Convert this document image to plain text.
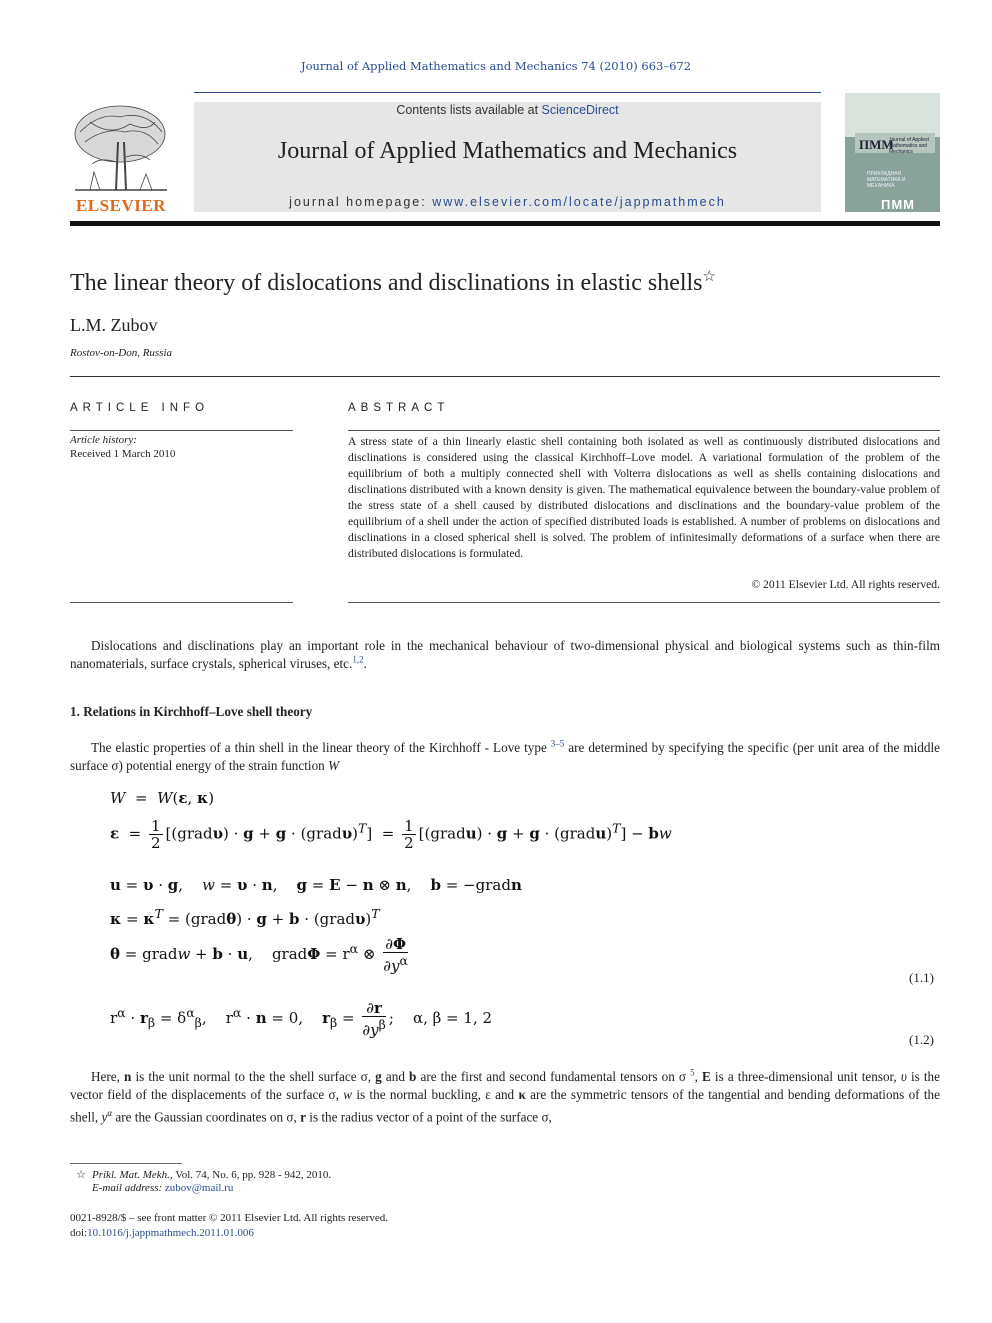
Journal of Applied Mathematics and Mechanics 74 (2010) 663–672
ELSEVIER
Contents lists available at ScienceDirect
Journal of Applied Mathematics and Mechanics
journal homepage: www.elsevier.com/locate/jappmathmech
ПММ
Journal of Applied Mathematics and Mechanics
ПРИКЛАДНАЯ МАТЕМАТИКА И МЕХАНИКА
ПММ
The linear theory of dislocations and disclinations in elastic shells☆
L.M. Zubov
Rostov-on-Don, Russia
ARTICLE INFO
Article history:
Received 1 March 2010
ABSTRACT
A stress state of a thin linearly elastic shell containing both isolated as well as continuously distributed dislocations and disclinations is considered using the classical Kirchhoff–Love model. A variational formulation of the problem of the equilibrium of both a multiply connected shell with Volterra dislocations as well as shells containing dislocations and disclinations distributed with a known density is given. The mathematical equivalence between the boundary-value problem of the stress state of a shell caused by distributed dislocations and disclinations and the boundary-value problem of the equilibrium of a shell under the action of specified distributed loads is established. A number of problems on dislocations and disclinations in a closed spherical shell is solved. The problem of infinitesimally deformations of a surface when there are distributed dislocations is formulated.
© 2011 Elsevier Ltd. All rights reserved.
Dislocations and disclinations play an important role in the mechanical behaviour of two-dimensional physical and biological systems such as thin-film nanomaterials, surface crystals, spherical viruses, etc.$^{1,2}$.
1. Relations in Kirchhoff–Love shell theory
The elastic properties of a thin shell in the linear theory of the Kirchhoff - Love type $^{3-5}$ are determined by specifying the specific (per unit area of the middle surface σ) potential energy of the strain function W
W  =  W(ε, κ)
$\varepsilon = \frac{1}{2}$ [(gradυ) · g + g · (gradυ)$^T$]  = $\frac{1}{2}$ [(gradu) · g + g · (gradu)$^T$] − bw
u = υ · g,    w = υ · n,    g = E − n ⊗ n,    b = −gradn
$\kappa = \kappa^T$ = (gradθ) · g + b · (gradυ)$^T$
θ = gradw + b · u,    gradΦ = $r^\alpha$ ⊗ $\frac{\partial\Phi}{\partial y^\alpha}$
(1.1)
$r^\alpha \cdot r_\beta = \delta^\alpha_\beta$,    $r^\alpha \cdot n = 0$,    $r_\beta = \frac{\partial r}{\partial y^\beta}$ ;    α, β = 1, 2
(1.2)
Here, n is the unit normal to the the shell surface σ, g and b are the first and second fundamental tensors on σ $^5$, E is a three-dimensional unit tensor, υ is the vector field of the displacements of the surface σ, w is the normal buckling, ε and κ are the symmetric tensors of the tangential and bending deformations of the shell, $y^\alpha$ are the Gaussian coordinates on σ, r is the radius vector of a point of the surface σ,
☆ Prikl. Mat. Mekh., Vol. 74, No. 6, pp. 928 - 942, 2010.
E-mail address: zubov@mail.ru
0021-8928/$ – see front matter © 2011 Elsevier Ltd. All rights reserved.
doi:10.1016/j.jappmathmech.2011.01.006
